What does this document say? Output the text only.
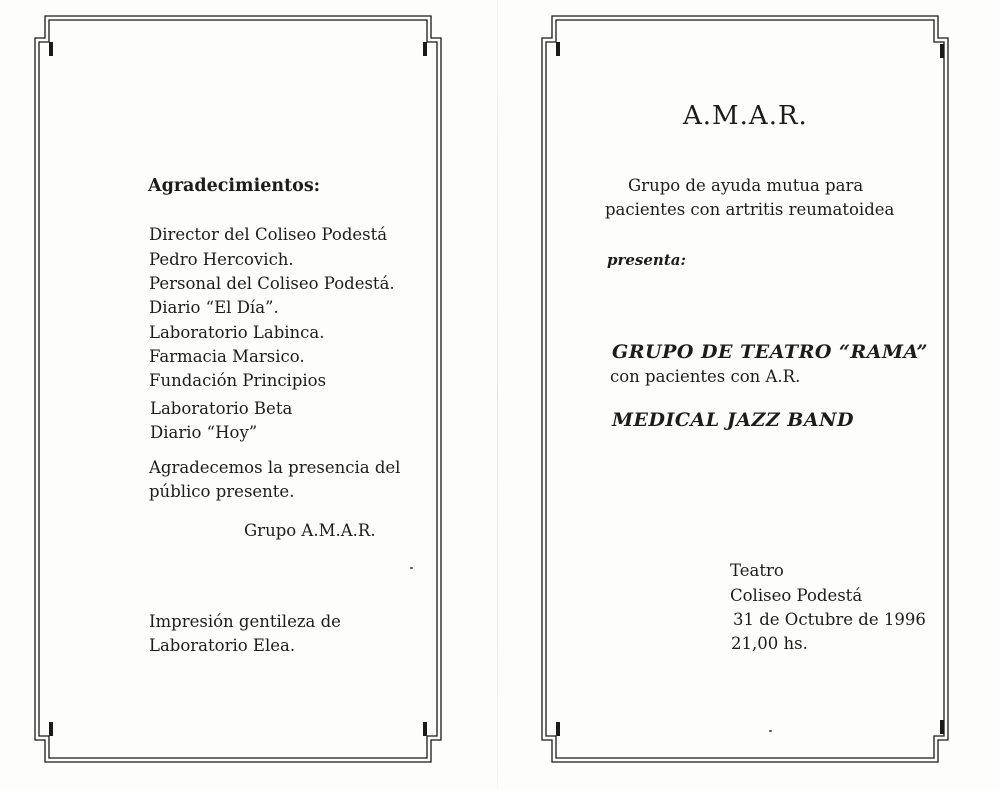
Agradecimientos:

Director del Coliseo Podestá

Pedro Hercovich.

Personal del Coliseo Podestá.

Diario “El Día”.

Laboratorio Labinca.

Farmacia Marsico.

Fundación Principios

Laboratorio Beta

Diario “Hoy”

Agradecemos la presencia del

público presente.

Grupo A.M.A.R.

Impresión gentileza de

Laboratorio Elea.

A.M.A.R.

Grupo de ayuda mutua para

pacientes con artritis reumatoidea

presenta:

GRUPO DE TEATRO “RAMA”

con pacientes con A.R.

MEDICAL JAZZ BAND

Teatro

Coliseo Podestá

31 de Octubre de 1996

21,00 hs.
